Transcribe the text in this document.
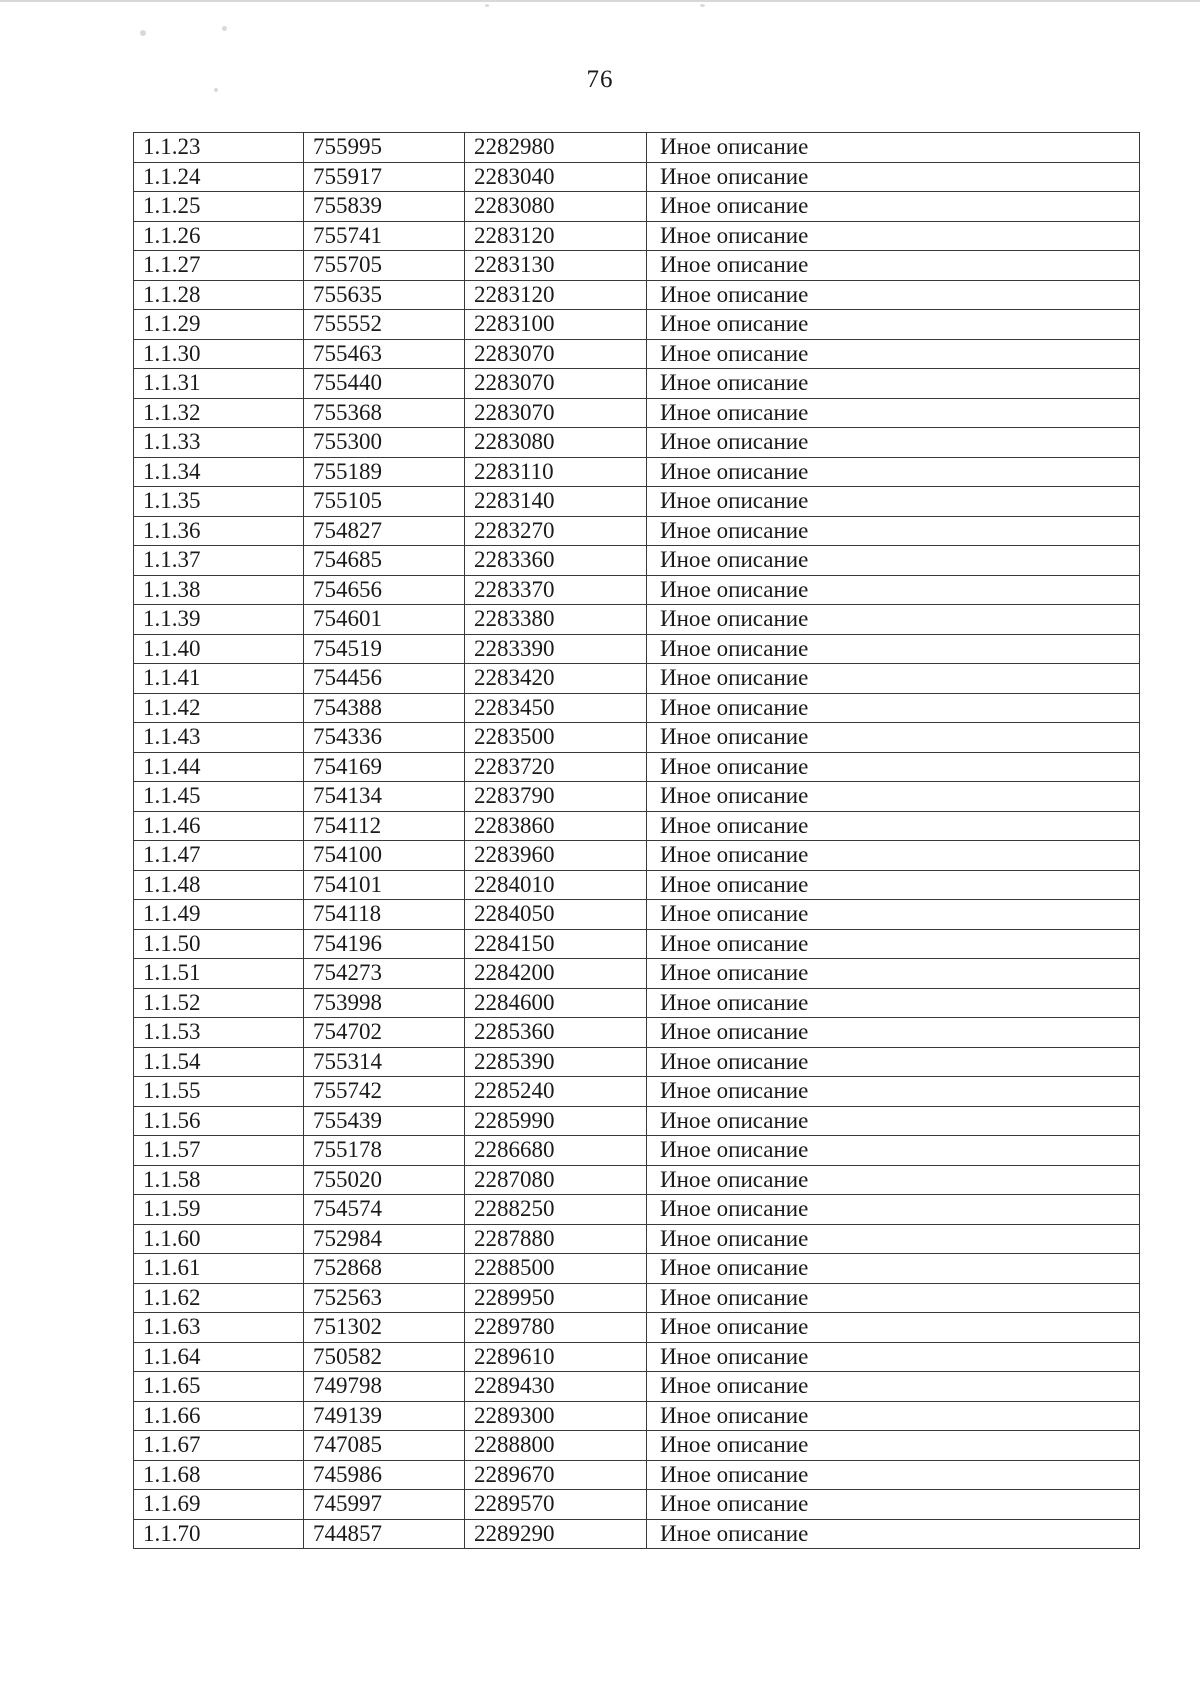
76
1.1.23	755995	2282980	Иное описание
1.1.24	755917	2283040	Иное описание
1.1.25	755839	2283080	Иное описание
1.1.26	755741	2283120	Иное описание
1.1.27	755705	2283130	Иное описание
1.1.28	755635	2283120	Иное описание
1.1.29	755552	2283100	Иное описание
1.1.30	755463	2283070	Иное описание
1.1.31	755440	2283070	Иное описание
1.1.32	755368	2283070	Иное описание
1.1.33	755300	2283080	Иное описание
1.1.34	755189	2283110	Иное описание
1.1.35	755105	2283140	Иное описание
1.1.36	754827	2283270	Иное описание
1.1.37	754685	2283360	Иное описание
1.1.38	754656	2283370	Иное описание
1.1.39	754601	2283380	Иное описание
1.1.40	754519	2283390	Иное описание
1.1.41	754456	2283420	Иное описание
1.1.42	754388	2283450	Иное описание
1.1.43	754336	2283500	Иное описание
1.1.44	754169	2283720	Иное описание
1.1.45	754134	2283790	Иное описание
1.1.46	754112	2283860	Иное описание
1.1.47	754100	2283960	Иное описание
1.1.48	754101	2284010	Иное описание
1.1.49	754118	2284050	Иное описание
1.1.50	754196	2284150	Иное описание
1.1.51	754273	2284200	Иное описание
1.1.52	753998	2284600	Иное описание
1.1.53	754702	2285360	Иное описание
1.1.54	755314	2285390	Иное описание
1.1.55	755742	2285240	Иное описание
1.1.56	755439	2285990	Иное описание
1.1.57	755178	2286680	Иное описание
1.1.58	755020	2287080	Иное описание
1.1.59	754574	2288250	Иное описание
1.1.60	752984	2287880	Иное описание
1.1.61	752868	2288500	Иное описание
1.1.62	752563	2289950	Иное описание
1.1.63	751302	2289780	Иное описание
1.1.64	750582	2289610	Иное описание
1.1.65	749798	2289430	Иное описание
1.1.66	749139	2289300	Иное описание
1.1.67	747085	2288800	Иное описание
1.1.68	745986	2289670	Иное описание
1.1.69	745997	2289570	Иное описание
1.1.70	744857	2289290	Иное описание
